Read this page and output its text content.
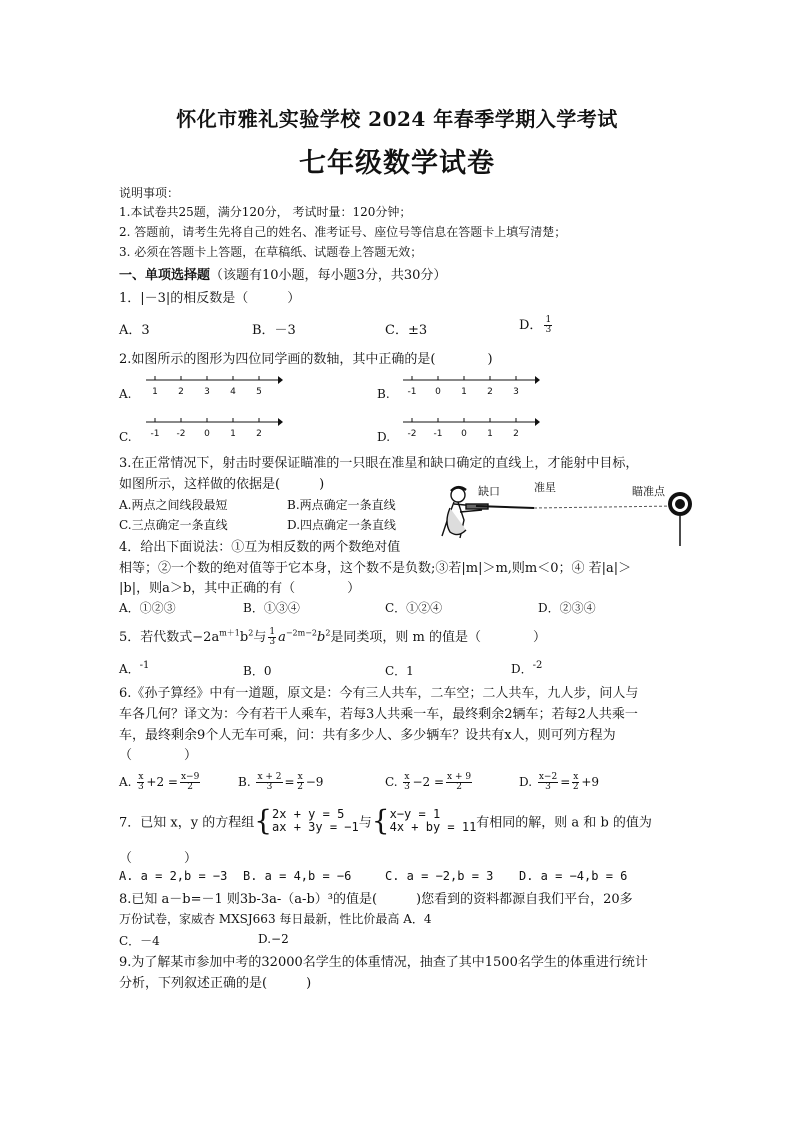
怀化市雅礼实验学校 2024 年春季学期入学考试
七年级数学试卷
说明事项：
1.本试卷共25题，满分120分， 考试时量：120分钟；
2. 答题前，请考生先将自己的姓名、准考证号、座位号等信息在答题卡上填写清楚；
3. 必须在答题卡上答题，在草稿纸、试题卷上答题无效；
一、单项选择题（该题有10小题，每小题3分，共30分）
1．|－3|的相反数是（　　　）
A．3	B．－3	C．±3	D． $\frac{1}{3}$
2.如图所示的图形为四位同学画的数轴，其中正确的是(　　　　)
A. 1 2 3 4 5	B. -1 0 1 2 3
C. -1 -2 0 1 2	D. -2 -1 0 1 2
3.在正常情况下，射击时要保证瞄准的一只眼在准星和缺口确定的直线上，才能射中目标，
如图所示，这样做的依据是(　　　)
A.两点之间线段最短	B.两点确定一条直线
C.三点确定一条直线	D.四点确定一条直线
缺口	准星	瞄准点
4．给出下面说法：①互为相反数的两个数绝对值
相等；②一个数的绝对值等于它本身，这个数不是负数;③若|m|＞m,则m＜0；④ 若|a|＞
|b|，则a＞b，其中正确的有（　　　　）
A．①②③	B．①③④	C．①②④	D．②③④
5．若代数式$-2a^{m+1}b^2$与 $\frac{1}{3} a^{-2m-2}b^2$是同类项，则 m 的值是（　　　　）
A．$^{-1}$	B．0	C．1	D．$^{-2}$
6.《孙子算经》中有一道题，原文是：今有三人共车，二车空；二人共车，九人步，问人与
车各几何？译文为：今有若干人乘车，若每3人共乘一车，最终剩余2辆车；若每2人共乘一
车，最终剩余9个人无车可乘，问：共有多少人、多少辆车？设共有x人，则可列方程为
（　　　　）
A. $\frac{x}{3} +2 = \frac{x-9}{2}$	B. $\frac{x + 2}{3} = \frac{x}{2} -9$	C. $\frac{x}{3} -2 = \frac{x + 9}{2}$	D. $\frac{x-2}{3} = \frac{x}{2} +9$
7．已知 x，y 的方程组{ 2x + y = 5
ax + 3y = −1 与{ x−y = 1
4x + by = 11 有相同的解，则 a 和 b 的值为
（　　　　）
A. a = 2,b = −3 B. a = 4,b = −6	C. a = −2,b = 3 D. a = −4,b = 6
8.已知 a－b=－1 则3b-3a-（a-b）³的值是(　　　)您看到的资料都源自我们平台，20多
万份试卷，家威杏 MXSJ663 每日最新，性比价最高 A．4
C．－4	D.−2
9.为了解某市参加中考的32000名学生的体重情况，抽查了其中1500名学生的体重进行统计
分析，下列叙述正确的是(　　　)
